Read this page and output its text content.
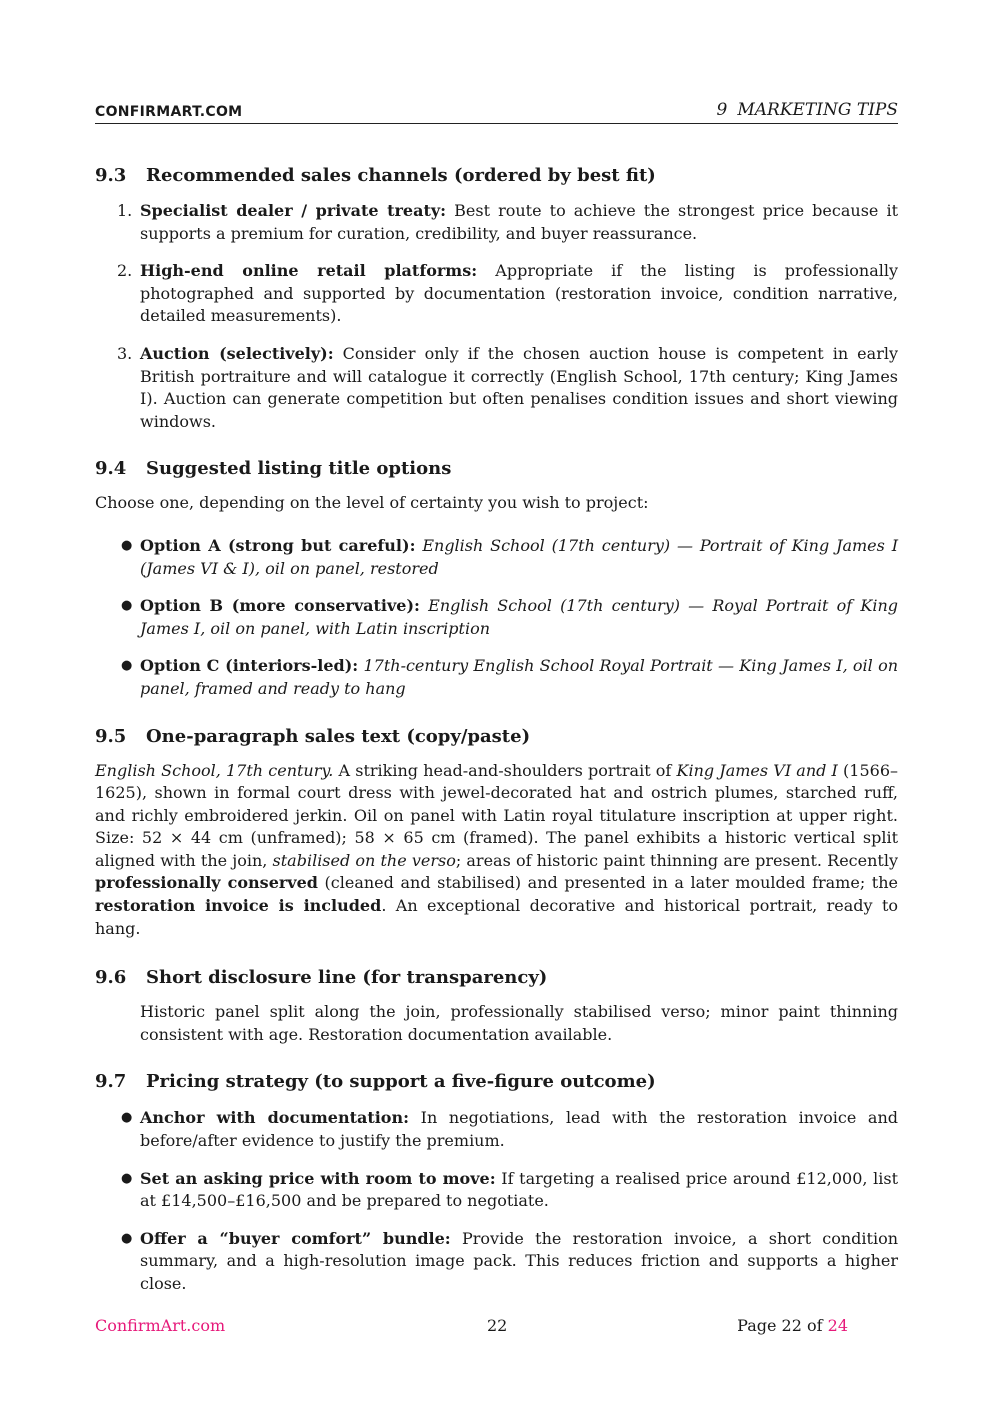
CONFIRMART.COM	9 MARKETING TIPS
9.3 Recommended sales channels (ordered by best fit)
1. Specialist dealer / private treaty: Best route to achieve the strongest price because it supports a premium for curation, credibility, and buyer reassurance.
2. High-end online retail platforms: Appropriate if the listing is professionally photographed and supported by documentation (restoration invoice, condition narrative, detailed measurements).
3. Auction (selectively): Consider only if the chosen auction house is competent in early British portraiture and will catalogue it correctly (English School, 17th century; King James I). Auction can generate competition but often penalises condition issues and short viewing windows.
9.4 Suggested listing title options

Choose one, depending on the level of certainty you wish to project:

● Option A (strong but careful): English School (17th century) — Portrait of King James I (James VI & I), oil on panel, restored
● Option B (more conservative): English School (17th century) — Royal Portrait of King James I, oil on panel, with Latin inscription
● Option C (interiors-led): 17th-century English School Royal Portrait — King James I, oil on panel, framed and ready to hang
9.5 One-paragraph sales text (copy/paste)

English School, 17th century. A striking head-and-shoulders portrait of King James VI and I (1566–1625), shown in formal court dress with jewel-decorated hat and ostrich plumes, starched ruff, and richly embroidered jerkin. Oil on panel with Latin royal titulature inscription at upper right. Size: 52 × 44 cm (unframed); 58 × 65 cm (framed). The panel exhibits a historic vertical split aligned with the join, stabilised on the verso; areas of historic paint thinning are present. Recently professionally conserved (cleaned and stabilised) and presented in a later moulded frame; the restoration invoice is included. An exceptional decorative and historical portrait, ready to hang.

9.6 Short disclosure line (for transparency)

Historic panel split along the join, professionally stabilised verso; minor paint thinning consistent with age. Restoration documentation available.

9.7 Pricing strategy (to support a five-figure outcome)
● Anchor with documentation: In negotiations, lead with the restoration invoice and before/after evidence to justify the premium.
● Set an asking price with room to move: If targeting a realised price around £12,000, list at £14,500–£16,500 and be prepared to negotiate.
● Offer a “buyer comfort” bundle: Provide the restoration invoice, a short condition summary, and a high-resolution image pack. This reduces friction and supports a higher close.
ConfirmArt.com	22	Page 22 of 24
